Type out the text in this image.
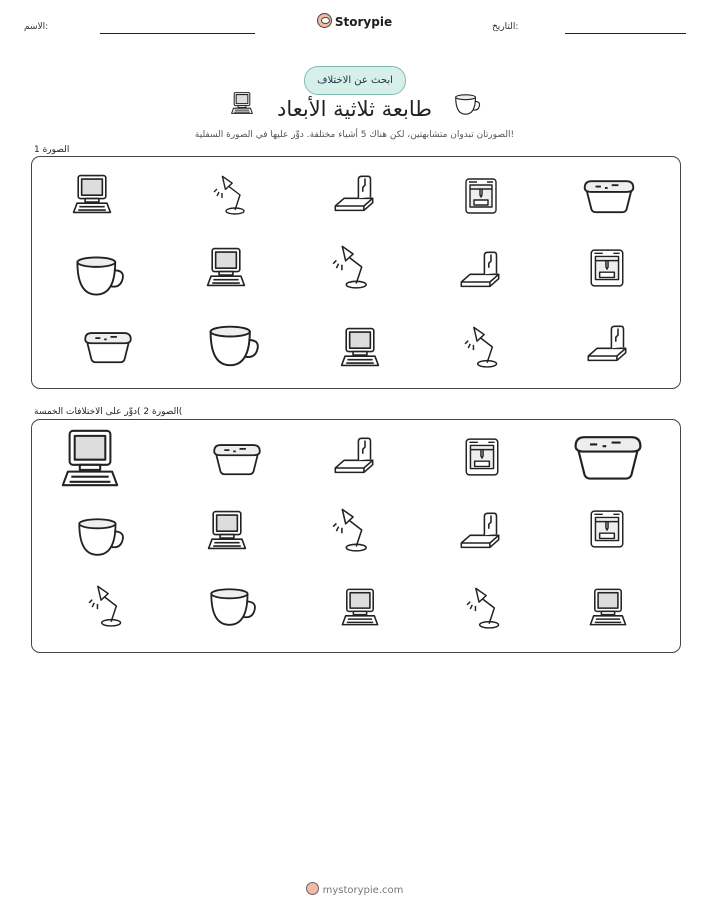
الاسم:	Storypie	التاريخ:
ابحث عن الاختلاف
طابعة ثلاثية الأبعاد
الصورتان تبدوان متشابهتين، لكن هناك 5 أشياء مختلفة. دوِّر عليها في الصورة السفلية!
الصورة 1
الصورة 2 )دوِّر على الاختلافات الخمسة(
mystorypie.com
